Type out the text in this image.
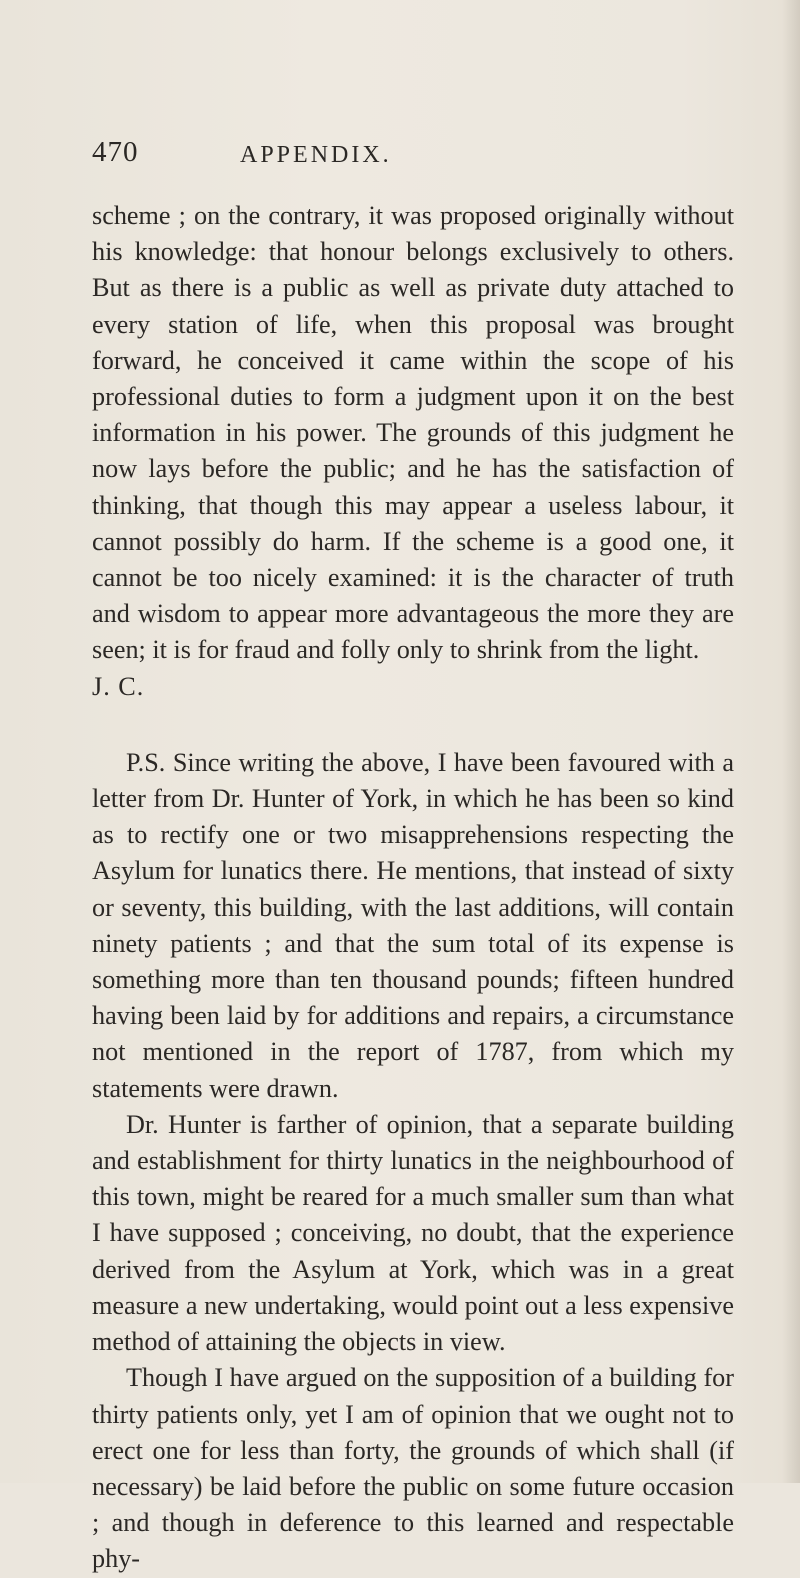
470	APPENDIX.

scheme ; on the contrary, it was proposed originally without his knowledge: that honour belongs exclusively to others. But as there is a public as well as private duty attached to every station of life, when this proposal was brought forward, he conceived it came within the scope of his professional duties to form a judgment upon it on the best information in his power. The grounds of this judgment he now lays before the public; and he has the satisfaction of thinking, that though this may appear a useless labour, it cannot possibly do harm. If the scheme is a good one, it cannot be too nicely examined: it is the character of truth and wisdom to appear more advantageous the more they are seen; it is for fraud and folly only to shrink from the light.

J. C.

P.S. Since writing the above, I have been favoured with a letter from Dr. Hunter of York, in which he has been so kind as to rectify one or two misapprehensions respecting the Asylum for lunatics there. He mentions, that instead of sixty or seventy, this building, with the last additions, will contain ninety patients ; and that the sum total of its expense is something more than ten thousand pounds; fifteen hundred having been laid by for additions and repairs, a circumstance not mentioned in the report of 1787, from which my statements were drawn.

Dr. Hunter is farther of opinion, that a separate building and establishment for thirty lunatics in the neighbourhood of this town, might be reared for a much smaller sum than what I have supposed ; conceiving, no doubt, that the experience derived from the Asylum at York, which was in a great measure a new undertaking, would point out a less expensive method of attaining the objects in view.

Though I have argued on the supposition of a building for thirty patients only, yet I am of opinion that we ought not to erect one for less than forty, the grounds of which shall (if necessary) be laid before the public on some future occasion ; and though in deference to this learned and respectable phy-
